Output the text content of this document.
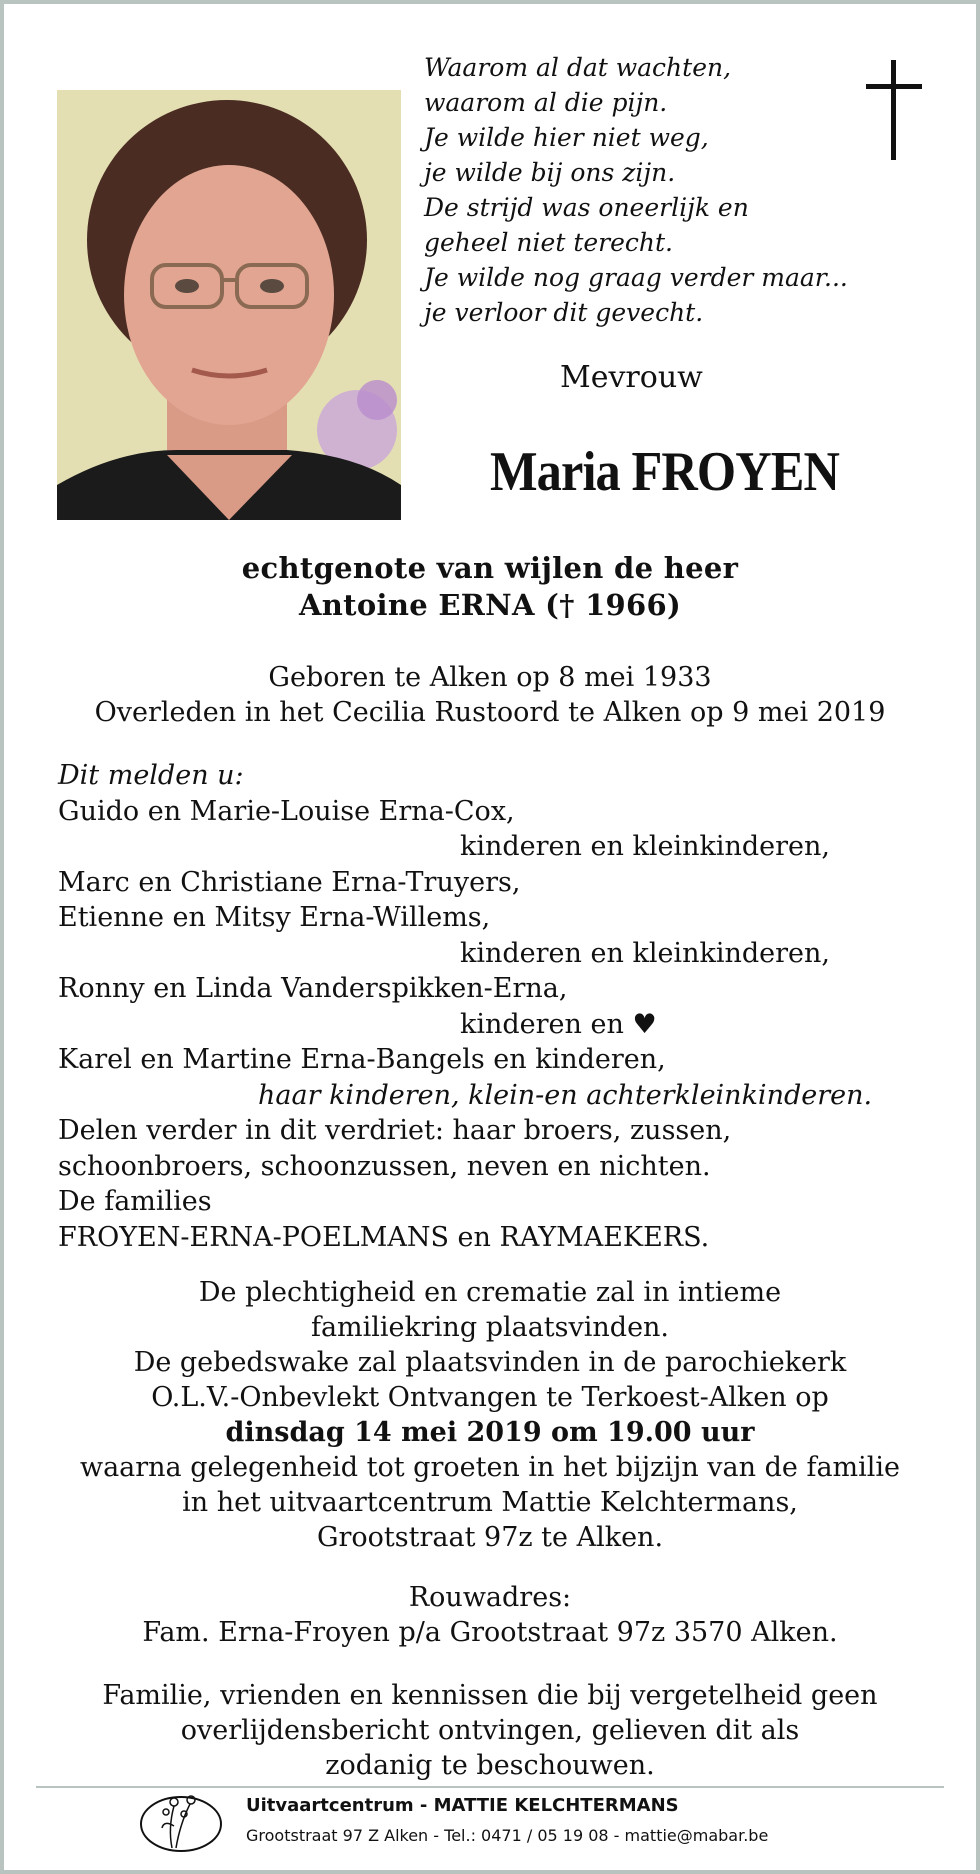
Waarom al dat wachten,
waarom al die pijn.
Je wilde hier niet weg,
je wilde bij ons zijn.
De strijd was oneerlijk en
geheel niet terecht.
Je wilde nog graag verder maar...
je verloor dit gevecht.
Mevrouw
Maria FROYEN
echtgenote van wijlen de heer
Antoine ERNA († 1966)
Geboren te Alken op 8 mei 1933
Overleden in het Cecilia Rustoord te Alken op 9 mei 2019
Dit melden u:
Guido en Marie-Louise Erna-Cox,
kinderen en kleinkinderen,
Marc en Christiane Erna-Truyers,
Etienne en Mitsy Erna-Willems,
kinderen en kleinkinderen,
Ronny en Linda Vanderspikken-Erna,
kinderen en ♥
Karel en Martine Erna-Bangels en kinderen,
haar kinderen, klein-en achterkleinkinderen.
Delen verder in dit verdriet: haar broers, zussen,
schoonbroers, schoonzussen, neven en nichten.
De families
FROYEN-ERNA-POELMANS en RAYMAEKERS.
De plechtigheid en crematie zal in intieme
familiekring plaatsvinden.
De gebedswake zal plaatsvinden in de parochiekerk
O.L.V.-Onbevlekt Ontvangen te Terkoest-Alken op
dinsdag 14 mei 2019 om 19.00 uur
waarna gelegenheid tot groeten in het bijzijn van de familie
in het uitvaartcentrum Mattie Kelchtermans,
Grootstraat 97z te Alken.
Rouwadres:
Fam. Erna-Froyen p/a Grootstraat 97z 3570 Alken.
Familie, vrienden en kennissen die bij vergetelheid geen
overlijdensbericht ontvingen, gelieven dit als
zodanig te beschouwen.
Uitvaartcentrum - MATTIE KELCHTERMANS
Grootstraat 97 Z Alken - Tel.: 0471 / 05 19 08 - mattie@mabar.be
